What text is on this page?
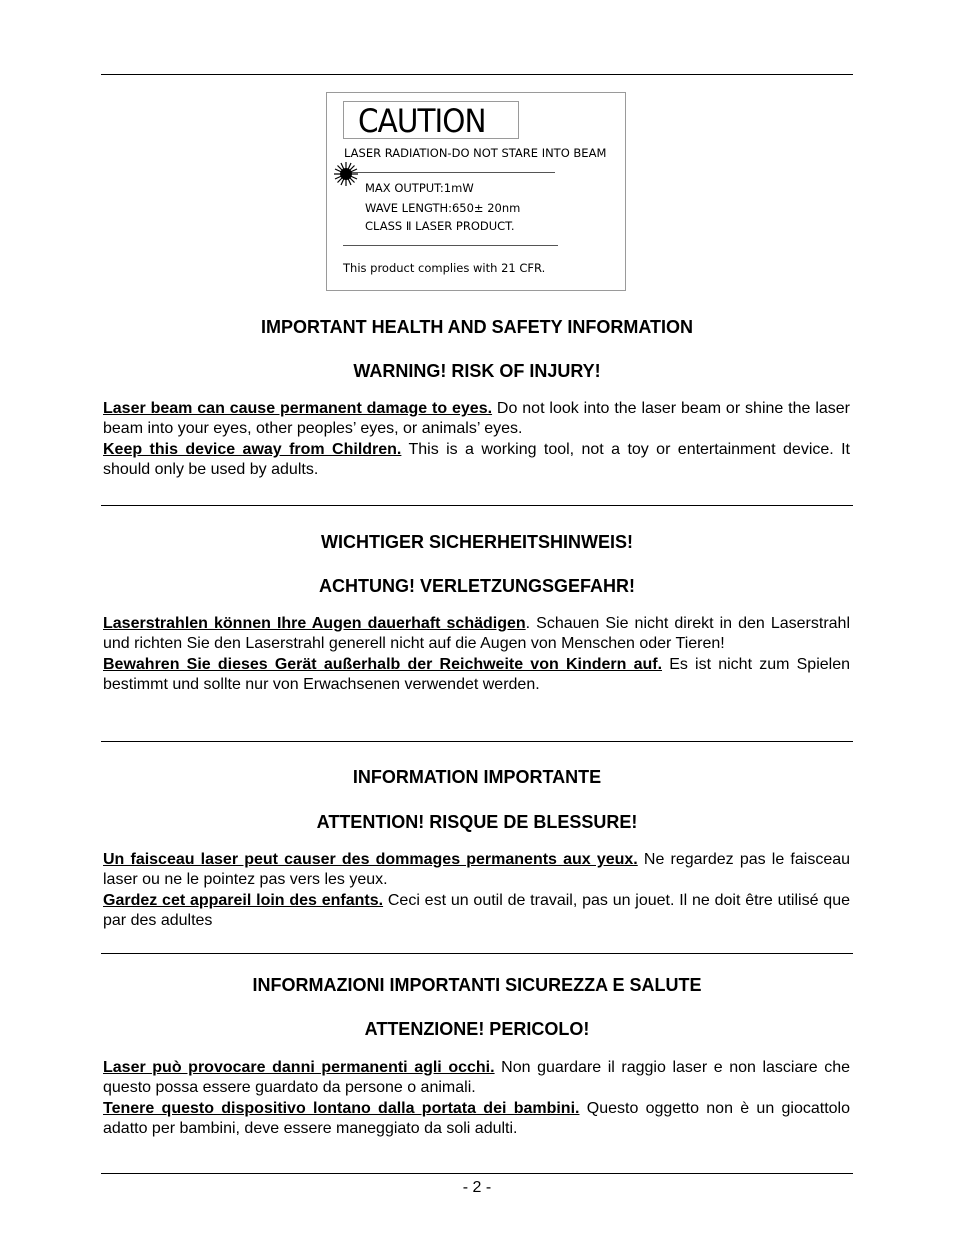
CAUTION
LASER RADIATION-DO NOT STARE INTO BEAM
MAX OUTPUT:1mW
WAVE LENGTH:650± 20nm
CLASS Ⅱ LASER PRODUCT.
This product complies with 21 CFR.
IMPORTANT HEALTH AND SAFETY INFORMATION
WARNING! RISK OF INJURY!
Laser beam can cause permanent damage to eyes. Do not look into the laser beam or shine the laser beam into your eyes, other peoples’ eyes, or animals’ eyes.
Keep this device away from Children. This is a working tool, not a toy or entertainment device. It should only be used by adults.
WICHTIGER SICHERHEITSHINWEIS!
ACHTUNG! VERLETZUNGSGEFAHR!
Laserstrahlen können Ihre Augen dauerhaft schädigen. Schauen Sie nicht direkt in den Laserstrahl und richten Sie den Laserstrahl generell nicht auf die Augen von Menschen oder Tieren!
Bewahren Sie dieses Gerät außerhalb der Reichweite von Kindern auf. Es ist nicht zum Spielen bestimmt und sollte nur von Erwachsenen verwendet werden.
INFORMATION IMPORTANTE
ATTENTION! RISQUE DE BLESSURE!
Un faisceau laser peut causer des dommages permanents aux yeux. Ne regardez pas le faisceau laser ou ne le pointez pas vers les yeux.
Gardez cet appareil loin des enfants. Ceci est un outil de travail, pas un jouet. Il ne doit être utilisé que par des adultes
INFORMAZIONI IMPORTANTI SICUREZZA E SALUTE
ATTENZIONE! PERICOLO!
Laser può provocare danni permanenti agli occhi. Non guardare il raggio laser e non lasciare che questo possa essere guardato da persone o animali.
Tenere questo dispositivo lontano dalla portata dei bambini. Questo oggetto non è un giocattolo adatto per bambini, deve essere maneggiato da soli adulti.
- 2 -
